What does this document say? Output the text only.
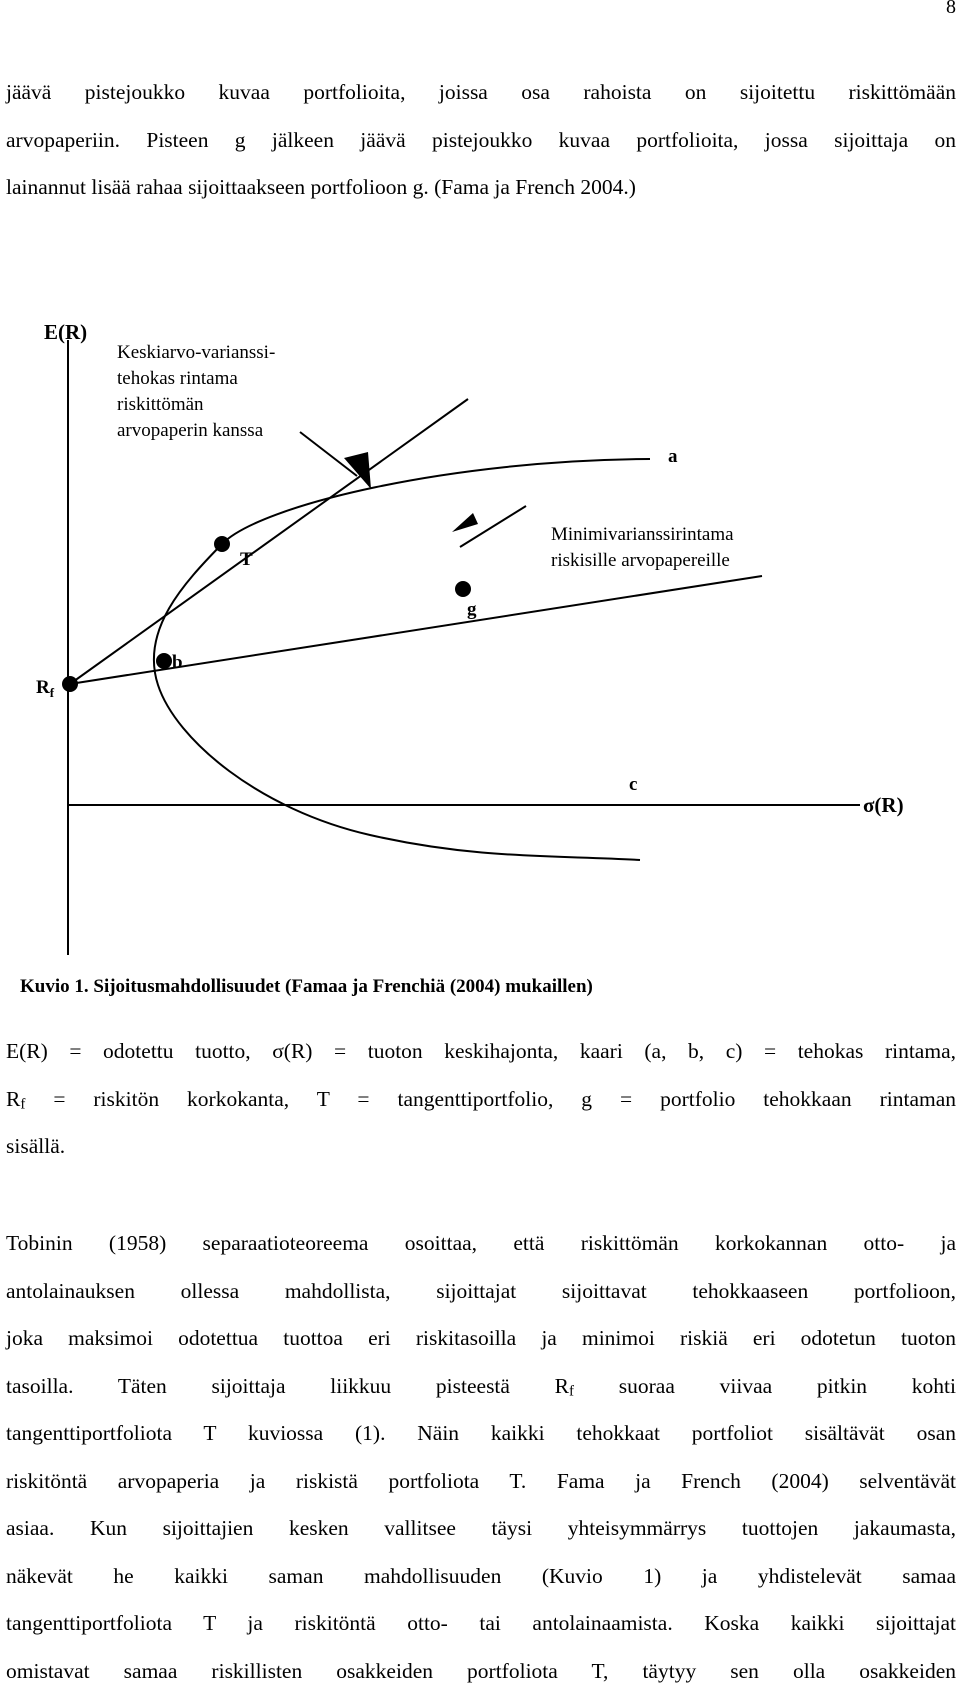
8
jäävä pistejoukko kuvaa portfolioita, joissa osa rahoista on sijoitettu riskittömään
arvopaperiin. Pisteen g jälkeen jäävä pistejoukko kuvaa portfolioita, jossa sijoittaja on
lainannut lisää rahaa sijoittaakseen portfolioon g. (Fama ja French 2004.)
E(R)
σ(R)
a
T
b
g
c
$R_f$
Keskiarvo-varianssi-
tehokas rintama
riskittömän
arvopaperin kanssa
Minimivarianssirintama
riskisille arvopapereille
Kuvio 1. Sijoitusmahdollisuudet (Famaa ja Frenchiä (2004) mukaillen)
E(R) = odotettu tuotto, σ(R) = tuoton keskihajonta, kaari (a, b, c) = tehokas rintama,
$R_f$ = riskitön korkokanta, T = tangenttiportfolio, g = portfolio tehokkaan rintaman
sisällä.
Tobinin (1958) separaatioteoreema osoittaa, että riskittömän korkokannan otto- ja
antolainauksen ollessa mahdollista, sijoittajat sijoittavat tehokkaaseen portfolioon,
joka maksimoi odotettua tuottoa eri riskitasoilla ja minimoi riskiä eri odotetun tuoton
tasoilla. Täten sijoittaja liikkuu pisteestä $R_f$ suoraa viivaa pitkin kohti
tangenttiportfoliota T kuviossa (1). Näin kaikki tehokkaat portfoliot sisältävät osan
riskitöntä arvopaperia ja riskistä portfoliota T. Fama ja French (2004) selventävät
asiaa. Kun sijoittajien kesken vallitsee täysi yhteisymmärrys tuottojen jakaumasta,
näkevät he kaikki saman mahdollisuuden (Kuvio 1) ja yhdistelevät samaa
tangenttiportfoliota T ja riskitöntä otto- tai antolainaamista. Koska kaikki sijoittajat
omistavat samaa riskillisten osakkeiden portfoliota T, täytyy sen olla osakkeiden
